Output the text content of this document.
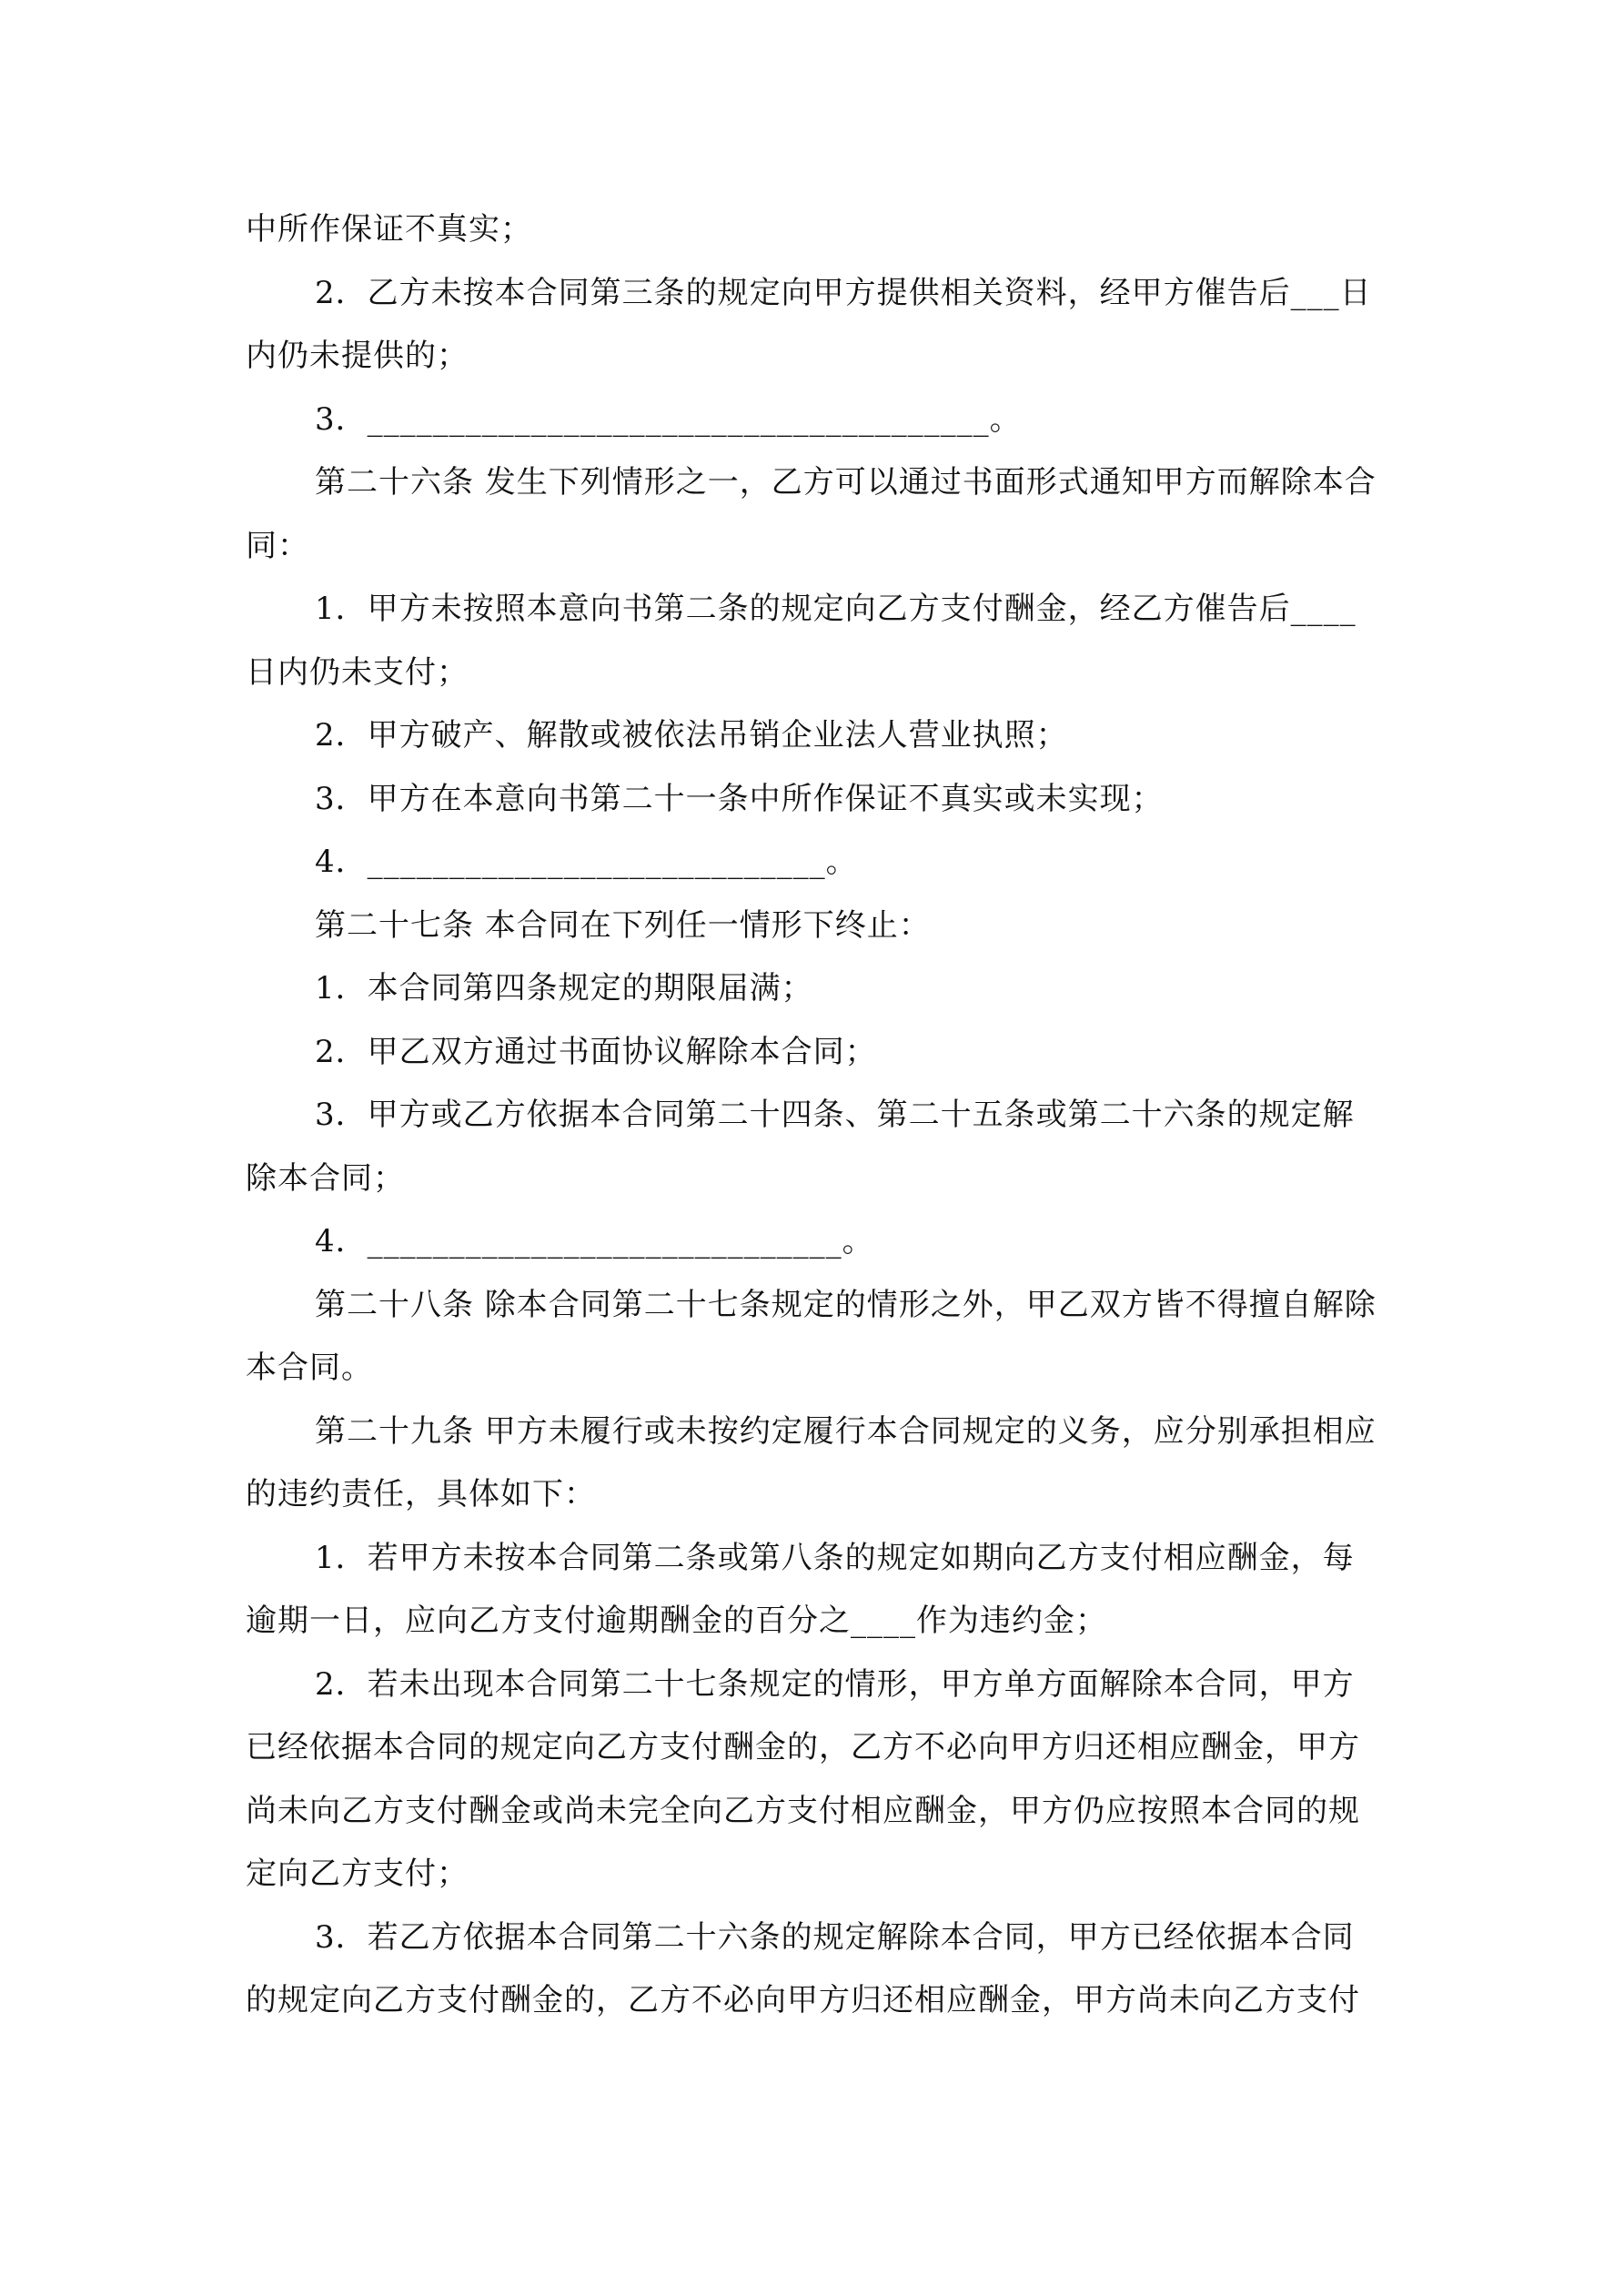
中所作保证不真实；

2．乙方未按本合同第三条的规定向甲方提供相关资料，经甲方催告后___日内仍未提供的；

3．______________________________________。

第二十六条 发生下列情形之一，乙方可以通过书面形式通知甲方而解除本合同：

1．甲方未按照本意向书第二条的规定向乙方支付酬金，经乙方催告后____日内仍未支付；

2．甲方破产、解散或被依法吊销企业法人营业执照；

3．甲方在本意向书第二十一条中所作保证不真实或未实现；

4．____________________________。

第二十七条 本合同在下列任一情形下终止：

1．本合同第四条规定的期限届满；

2．甲乙双方通过书面协议解除本合同；

3．甲方或乙方依据本合同第二十四条、第二十五条或第二十六条的规定解除本合同；

4．_____________________________。

第二十八条 除本合同第二十七条规定的情形之外，甲乙双方皆不得擅自解除本合同。

第二十九条 甲方未履行或未按约定履行本合同规定的义务，应分别承担相应的违约责任，具体如下：

1．若甲方未按本合同第二条或第八条的规定如期向乙方支付相应酬金，每逾期一日，应向乙方支付逾期酬金的百分之____作为违约金；

2．若未出现本合同第二十七条规定的情形，甲方单方面解除本合同，甲方已经依据本合同的规定向乙方支付酬金的，乙方不必向甲方归还相应酬金，甲方尚未向乙方支付酬金或尚未完全向乙方支付相应酬金，甲方仍应按照本合同的规定向乙方支付；

3．若乙方依据本合同第二十六条的规定解除本合同，甲方已经依据本合同的规定向乙方支付酬金的，乙方不必向甲方归还相应酬金，甲方尚未向乙方支付
